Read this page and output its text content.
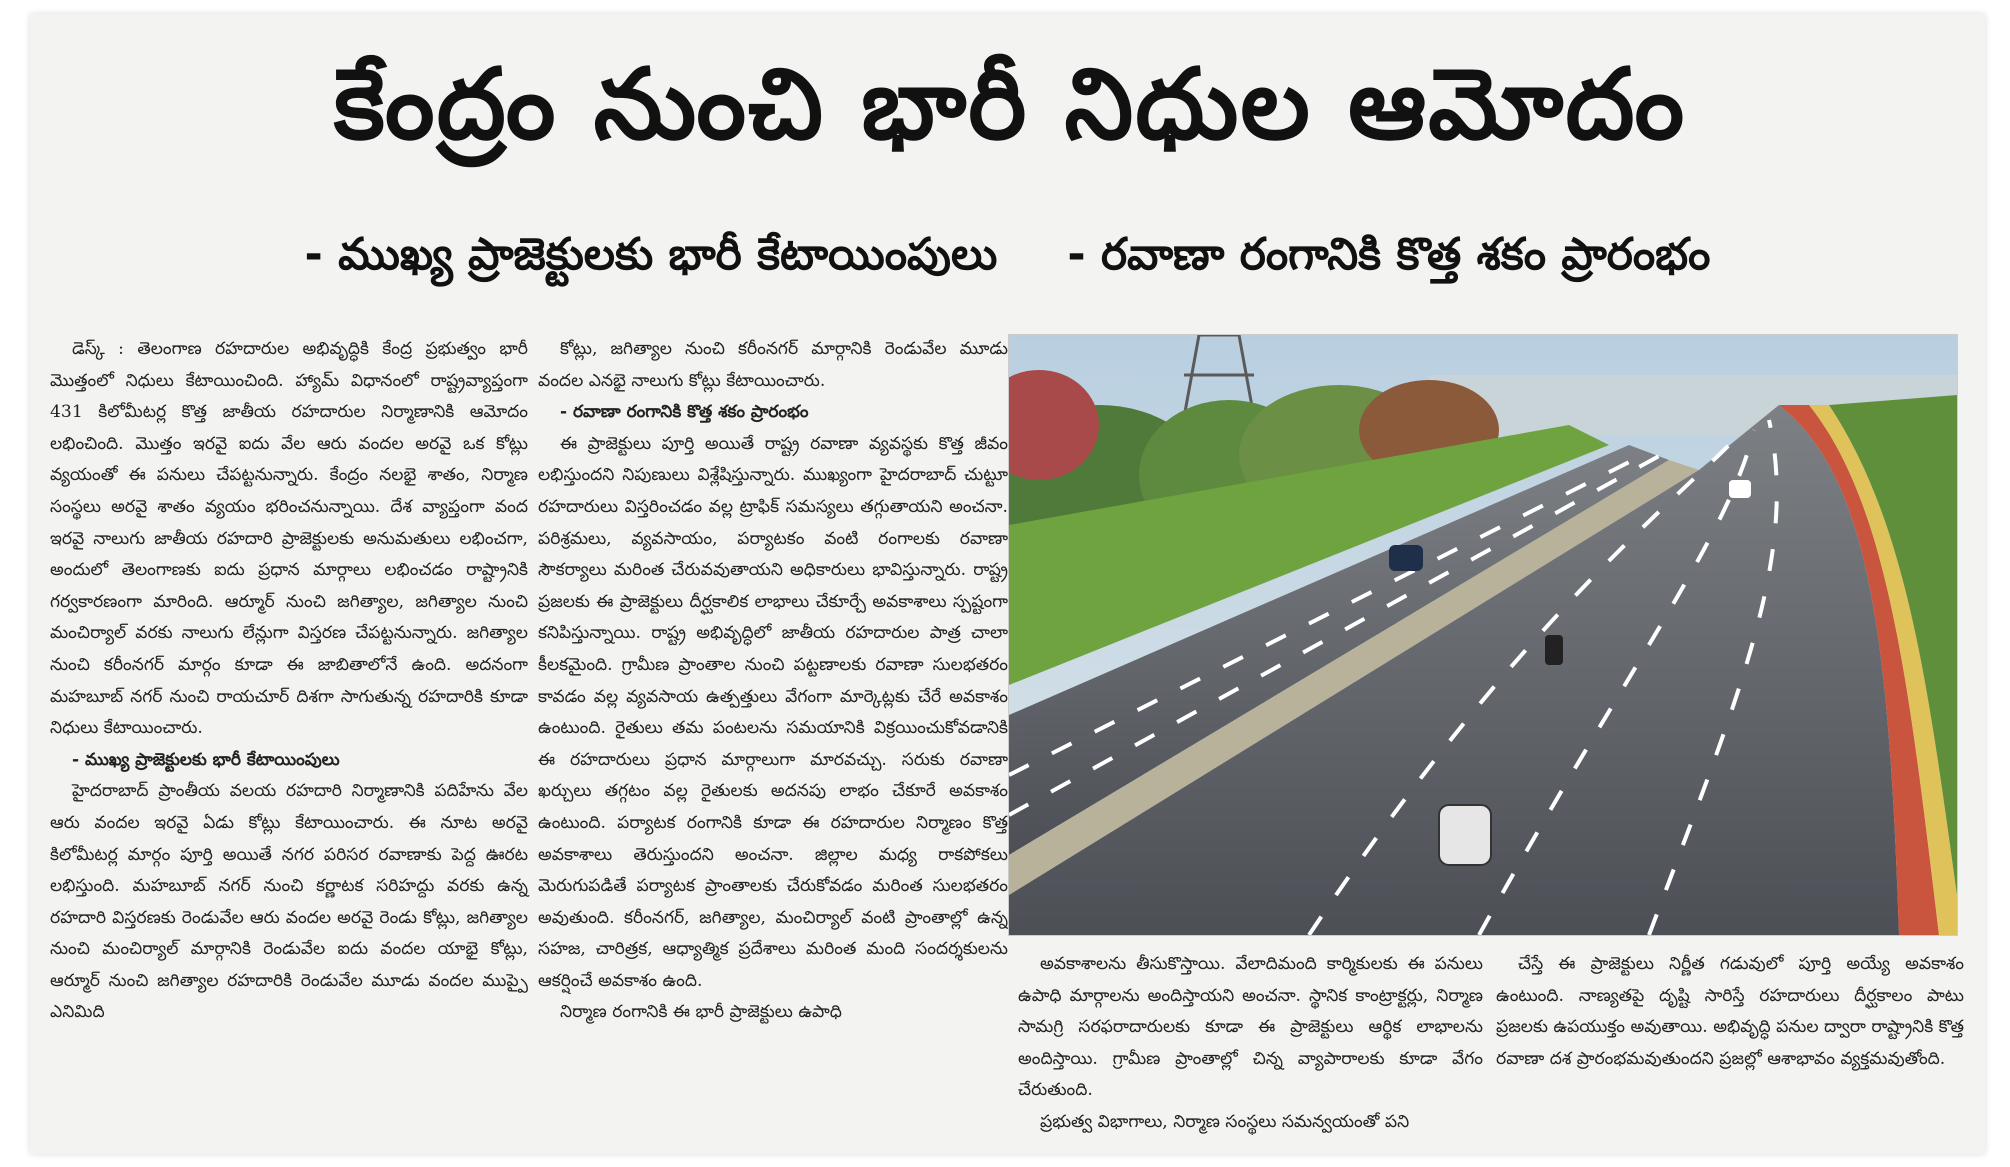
కేంద్రం నుంచి భారీ నిధుల ఆమోదం
- ముఖ్య ప్రాజెక్టులకు భారీ కేటాయింపులు - రవాణా రంగానికి కొత్త శకం ప్రారంభం

డెస్క్ : తెలంగాణ రహదారుల అభివృద్ధికి కేంద్ర ప్రభుత్వం భారీ మొత్తంలో నిధులు కేటాయించింది. హ్యామ్ విధానంలో రాష్ట్రవ్యాప్తంగా 431 కిలోమీటర్ల కొత్త జాతీయ రహదారుల నిర్మాణానికి ఆమోదం లభించింది. మొత్తం ఇరవై ఐదు వేల ఆరు వందల అరవై ఒక కోట్లు వ్యయంతో ఈ పనులు చేపట్టనున్నారు. కేంద్రం నలభై శాతం, నిర్మాణ సంస్థలు అరవై శాతం వ్యయం భరించనున్నాయి. దేశ వ్యాప్తంగా వంద ఇరవై నాలుగు జాతీయ రహదారి ప్రాజెక్టులకు అనుమతులు లభించగా, అందులో తెలంగాణకు ఐదు ప్రధాన మార్గాలు లభించడం రాష్ట్రానికి గర్వకారణంగా మారింది. ఆర్మూర్ నుంచి జగిత్యాల, జగిత్యాల నుంచి మంచిర్యాల్ వరకు నాలుగు లేన్లుగా విస్తరణ చేపట్టనున్నారు. జగిత్యాల నుంచి కరీంనగర్ మార్గం కూడా ఈ జాబితాలోనే ఉంది. అదనంగా మహబూబ్ నగర్ నుంచి రాయచూర్ దిశగా సాగుతున్న రహదారికి కూడా నిధులు కేటాయించారు.

- ముఖ్య ప్రాజెక్టులకు భారీ కేటాయింపులు

హైదరాబాద్ ప్రాంతీయ వలయ రహదారి నిర్మాణానికి పదిహేను వేల ఆరు వందల ఇరవై ఏడు కోట్లు కేటాయించారు. ఈ నూట అరవై కిలోమీటర్ల మార్గం పూర్తి అయితే నగర పరిసర రవాణాకు పెద్ద ఊరట లభిస్తుంది. మహబూబ్ నగర్ నుంచి కర్ణాటక సరిహద్దు వరకు ఉన్న రహదారి విస్తరణకు రెండువేల ఆరు వందల అరవై రెండు కోట్లు, జగిత్యాల నుంచి మంచిర్యాల్ మార్గానికి రెండువేల ఐదు వందల యాభై కోట్లు, ఆర్మూర్ నుంచి జగిత్యాల రహదారికి రెండువేల మూడు వందల ముప్పై ఎనిమిది

కోట్లు, జగిత్యాల నుంచి కరీంనగర్ మార్గానికి రెండువేల మూడు వందల ఎనభై నాలుగు కోట్లు కేటాయించారు.

- రవాణా రంగానికి కొత్త శకం ప్రారంభం

ఈ ప్రాజెక్టులు పూర్తి అయితే రాష్ట్ర రవాణా వ్యవస్థకు కొత్త జీవం లభిస్తుందని నిపుణులు విశ్లేషిస్తున్నారు. ముఖ్యంగా హైదరాబాద్ చుట్టూ రహదారులు విస్తరించడం వల్ల ట్రాఫిక్ సమస్యలు తగ్గుతాయని అంచనా. పరిశ్రమలు, వ్యవసాయం, పర్యాటకం వంటి రంగాలకు రవాణా సౌకర్యాలు మరింత చేరువవుతాయని అధికారులు భావిస్తున్నారు. రాష్ట్ర ప్రజలకు ఈ ప్రాజెక్టులు దీర్ఘకాలిక లాభాలు చేకూర్చే అవకాశాలు స్పష్టంగా కనిపిస్తున్నాయి. రాష్ట్ర అభివృద్ధిలో జాతీయ రహదారుల పాత్ర చాలా కీలకమైంది. గ్రామీణ ప్రాంతాల నుంచి పట్టణాలకు రవాణా సులభతరం కావడం వల్ల వ్యవసాయ ఉత్పత్తులు వేగంగా మార్కెట్లకు చేరే అవకాశం ఉంటుంది. రైతులు తమ పంటలను సమయానికి విక్రయించుకోవడానికి ఈ రహదారులు ప్రధాన మార్గాలుగా మారవచ్చు. సరుకు రవాణా ఖర్చులు తగ్గటం వల్ల రైతులకు అదనపు లాభం చేకూరే అవకాశం ఉంటుంది. పర్యాటక రంగానికి కూడా ఈ రహదారుల నిర్మాణం కొత్త అవకాశాలు తెరుస్తుందని అంచనా. జిల్లాల మధ్య రాకపోకలు మెరుగుపడితే పర్యాటక ప్రాంతాలకు చేరుకోవడం మరింత సులభతరం అవుతుంది. కరీంనగర్, జగిత్యాల, మంచిర్యాల్ వంటి ప్రాంతాల్లో ఉన్న సహజ, చారిత్రక, ఆధ్యాత్మిక ప్రదేశాలు మరింత మంది సందర్శకులను ఆకర్షించే అవకాశం ఉంది.

నిర్మాణ రంగానికి ఈ భారీ ప్రాజెక్టులు ఉపాధి

అవకాశాలను తీసుకొస్తాయి. వేలాదిమంది కార్మికులకు ఈ పనులు ఉపాధి మార్గాలను అందిస్తాయని అంచనా. స్థానిక కాంట్రాక్టర్లు, నిర్మాణ సామగ్రి సరఫరాదారులకు కూడా ఈ ప్రాజెక్టులు ఆర్థిక లాభాలను అందిస్తాయి. గ్రామీణ ప్రాంతాల్లో చిన్న వ్యాపారాలకు కూడా వేగం చేరుతుంది.

ప్రభుత్వ విభాగాలు, నిర్మాణ సంస్థలు సమన్వయంతో పని

చేస్తే ఈ ప్రాజెక్టులు నిర్ణీత గడువులో పూర్తి అయ్యే అవకాశం ఉంటుంది. నాణ్యతపై దృష్టి సారిస్తే రహదారులు దీర్ఘకాలం పాటు ప్రజలకు ఉపయుక్తం అవుతాయి. అభివృద్ధి పనుల ద్వారా రాష్ట్రానికి కొత్త రవాణా దశ ప్రారంభమవుతుందని ప్రజల్లో ఆశాభావం వ్యక్తమవుతోంది.
